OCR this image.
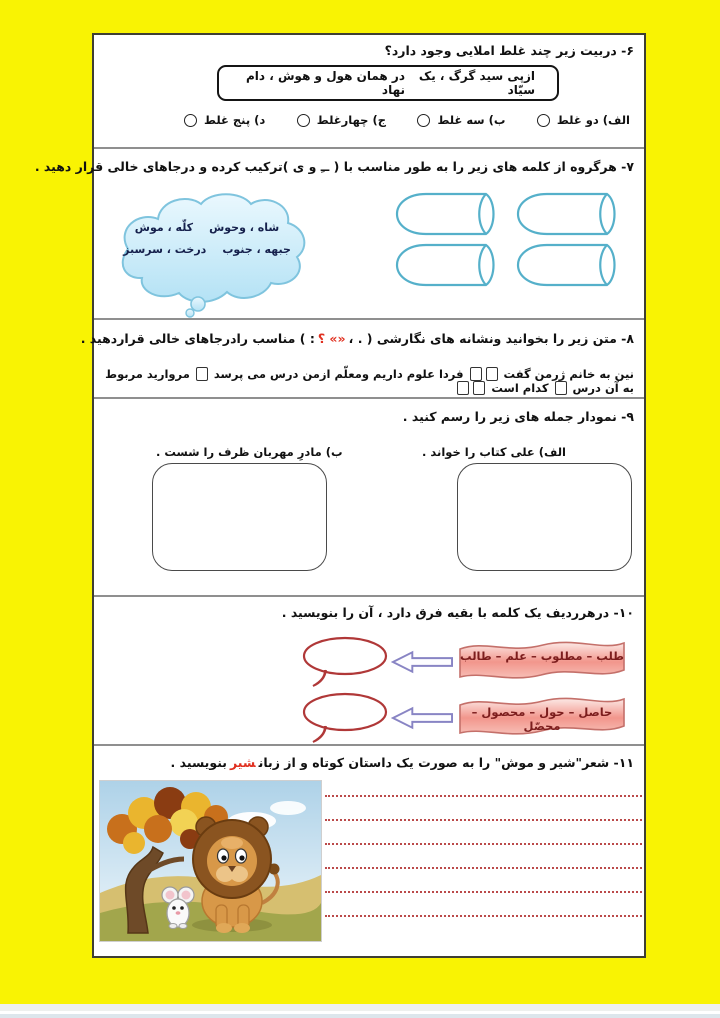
۶- دربیت زیر چند غلط املایی وجود دارد؟
ازپی سید گرگ ، یک سیّاد
در همان هول و هوش ، دام نهاد
الف) دو غلط
ب) سه غلط
ج) چهارغلط
د) پنج غلط
۷- هرگروه از کلمه های زیر را به طور مناسب با ( ــِ و ی )ترکیب کرده و درجاهای خالی قرار دهید .
شاه ، وحوش
کلّه ، موش
جبهه ، جنوب
درخت ، سرسبز
۸- متن زیر را بخوانید ونشانه های نگارشی ( . ،«» ؟: ) مناسب رادرجاهای خالی قراردهید .
نین به خانم ژرمن گفت  فردا علوم داریم ومعلّم ازمن درس می پرسد  مروارید مربوط به آن درس  کدام است
۹- نمودار جمله های زیر را رسم کنید .
الف) علی کتاب را خواند .
ب) مادرِ مهربان ظرف را شست .
۱۰- درهرردیف یک کلمه با بقیه فرق دارد ، آن را بنویسید .
طلب – مطلوب – علم – طالب
حاصل – حول – محصول –محصّل
۱۱- شعر"شیر و موش" را به صورت یک داستان کوتاه و از زبانشیربنویسید .
